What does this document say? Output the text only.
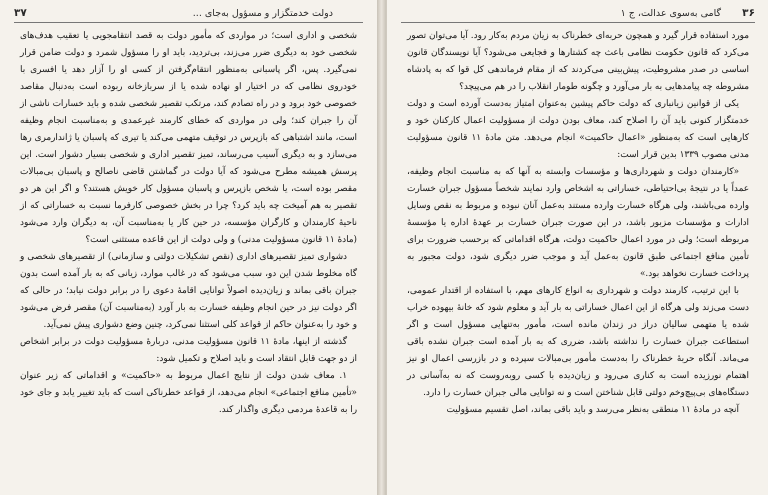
۳۷	دولت خدمتگزار و مسؤول به‌جای ...

شخصی و اداری است؛ در مواردی که مأمور دولت به قصد انتقامجویی یا تعقیب هدف‌های شخصی خود به دیگری ضرر می‌زند، بی‌تردید، باید او را مسؤول شمرد و دولت ضامن قرار نمی‌گیرد. پس، اگر پاسبانی به‌منظور انتقام‌گرفتن از کسی او را آزار دهد یا افسری با خودروی نظامی که در اختیار او نهاده شده یا از سربازخانه ربوده است به‌دنبال مقاصد خصوصی خود برود و در راه تصادم کند، مرتکب تقصیر شخصی شده و باید خسارات ناشی از آن را جبران کند؛ ولی در مواردی که خطای کارمند غیرعمدی و به‌مناسبت انجام وظیفه است، مانند اشتباهی که بازپرس در توقیف متهمی می‌کند یا تیری که پاسبان یا ژاندارمری رها می‌سازد و به دیگری آسیب می‌رساند، تمیز تقصیر اداری و شخصی بسیار دشوار است. این پرسش همیشه مطرح می‌شود که آیا دولت در گماشتن قاضی ناصالح و پاسبان بی‌مبالات مقصر بوده است، یا شخص بازپرس و پاسبان مسؤول کار خویش هستند؟ و اگر این هر دو تقصیر به هم آمیخت چه باید کرد؟ چرا در بخش خصوصی کارفرما نسبت به خساراتی که از ناحیهٔ کارمندان و کارگران مؤسسه، در حین کار یا به‌مناسبت آن، به دیگران وارد می‌شود (مادهٔ ۱۱ قانون مسؤولیت مدنی) و ولی دولت از این قاعده مستثنی است؟

دشواری تمیز تقصیرهای اداری (نقص تشکیلات دولتی و سازمانی) از تقصیرهای شخصی و گاه مخلوط شدن این دو، سبب می‌شود که در غالب موارد، زیانی که به بار آمده است بدون جبران باقی بماند و زیان‌دیده اصولاً توانایی اقامهٔ دعوی را در برابر دولت نیابد؛ در حالی که اگر دولت نیز در حین انجام وظیفه خسارت به بار آورد (به‌مناسبت آن) مقصر فرض می‌شود و خود را به‌عنوان حاکم از قواعد کلی استثنا نمی‌کرد، چنین وضع دشواری پیش نمی‌آید.

گذشته از اینها، مادهٔ ۱۱ قانون مسؤولیت مدنی، دربارهٔ مسؤولیت دولت در برابر اشخاص از دو جهت قابل انتقاد است و باید اصلاح و تکمیل شود:

۱. معاف شدن دولت از نتایج اعمال مربوط به «حاکمیت» و اقداماتی که زیر عنوان «تأمین منافع اجتماعی» انجام می‌دهد، از قواعد خطرناکی است که باید تغییر یابد و جای خود را به قاعدهٔ مردمی دیگری واگذار کند.

۳۶
گامی به‌سوی عدالت، ج ۱

مورد استفاده قرار گیرد و همچون حربه‌ای خطرناک به زیان مردم به‌کار رود. آیا می‌توان تصور می‌کرد که قانون حکومت نظامی باعث چه کشتارها و فجایعی می‌شود؟ آیا نویسندگان قانون اساسی در صدر مشروطیت، پیش‌بینی می‌کردند که از مقام فرماندهی کل قوا که به پادشاه مشروطه چه پیامدهایی به بار می‌آورد و چگونه طومار انقلاب را در هم می‌پیچد؟

یکی از قوانین زیانباری که دولت حاکم پیشین به‌عنوان امتیاز به‌دست آورده است و دولت خدمتگزار کنونی باید آن را اصلاح کند، معاف بودن دولت از مسؤولیت اعمال کارکنان خود و کارهایی است که به‌منظور «اعمال حاکمیت» انجام می‌دهد. متن مادهٔ ۱۱ قانون مسؤولیت مدنی مصوب ۱۳۳۹ بدین قرار است:

«کارمندان دولت و شهرداری‌ها و مؤسسات وابسته به آنها که به مناسبت انجام وظیفه، عمداً یا در نتیجهٔ بی‌احتیاطی، خساراتی به اشخاص وارد نمایند شخصاً مسؤول جبران خسارت وارده می‌باشند، ولی هرگاه خسارت وارده مستند به‌عمل آنان نبوده و مربوط به نقص وسایل ادارات و مؤسسات مزبور باشد، در این صورت جبران خسارت بر عهدهٔ اداره یا مؤسسهٔ مربوطه است؛ ولی در مورد اعمال حاکمیت دولت، هرگاه اقداماتی که برحسب ضرورت برای تأمین منافع اجتماعی طبق قانون به‌عمل آید و موجب ضرر دیگری شود، دولت مجبور به پرداخت خسارت نخواهد بود.»

با این ترتیب، کارمند دولت و شهرداری به انواع کارهای مهم، با استفاده از اقتدار عمومی، دست می‌زند ولی هرگاه از این اعمال خساراتی به بار آید و معلوم شود که خانهٔ بیهوده خراب شده یا متهمی سالیان دراز در زندان مانده است، مأمور به‌تنهایی مسؤول است و اگر استطاعت جبران خسارت را نداشته باشد، ضرری که به بار آمده است جبران نشده باقی می‌ماند. آنگاه حربهٔ خطرناک را به‌دست مأمور بی‌مبالات سپرده و در بازرسی اعمال او نیز اهتمام نورزیده است به کناری می‌رود و زیان‌دیده با کسی روبه‌روست که نه به‌آسانی در دستگاه‌های بی‌پیچ‌وخم دولتی قابل شناختن است و نه توانایی مالی جبران خسارت را دارد.

آنچه در مادهٔ ۱۱ منطقی به‌نظر می‌رسد و باید باقی بماند، اصل تقسیم مسؤولیت
